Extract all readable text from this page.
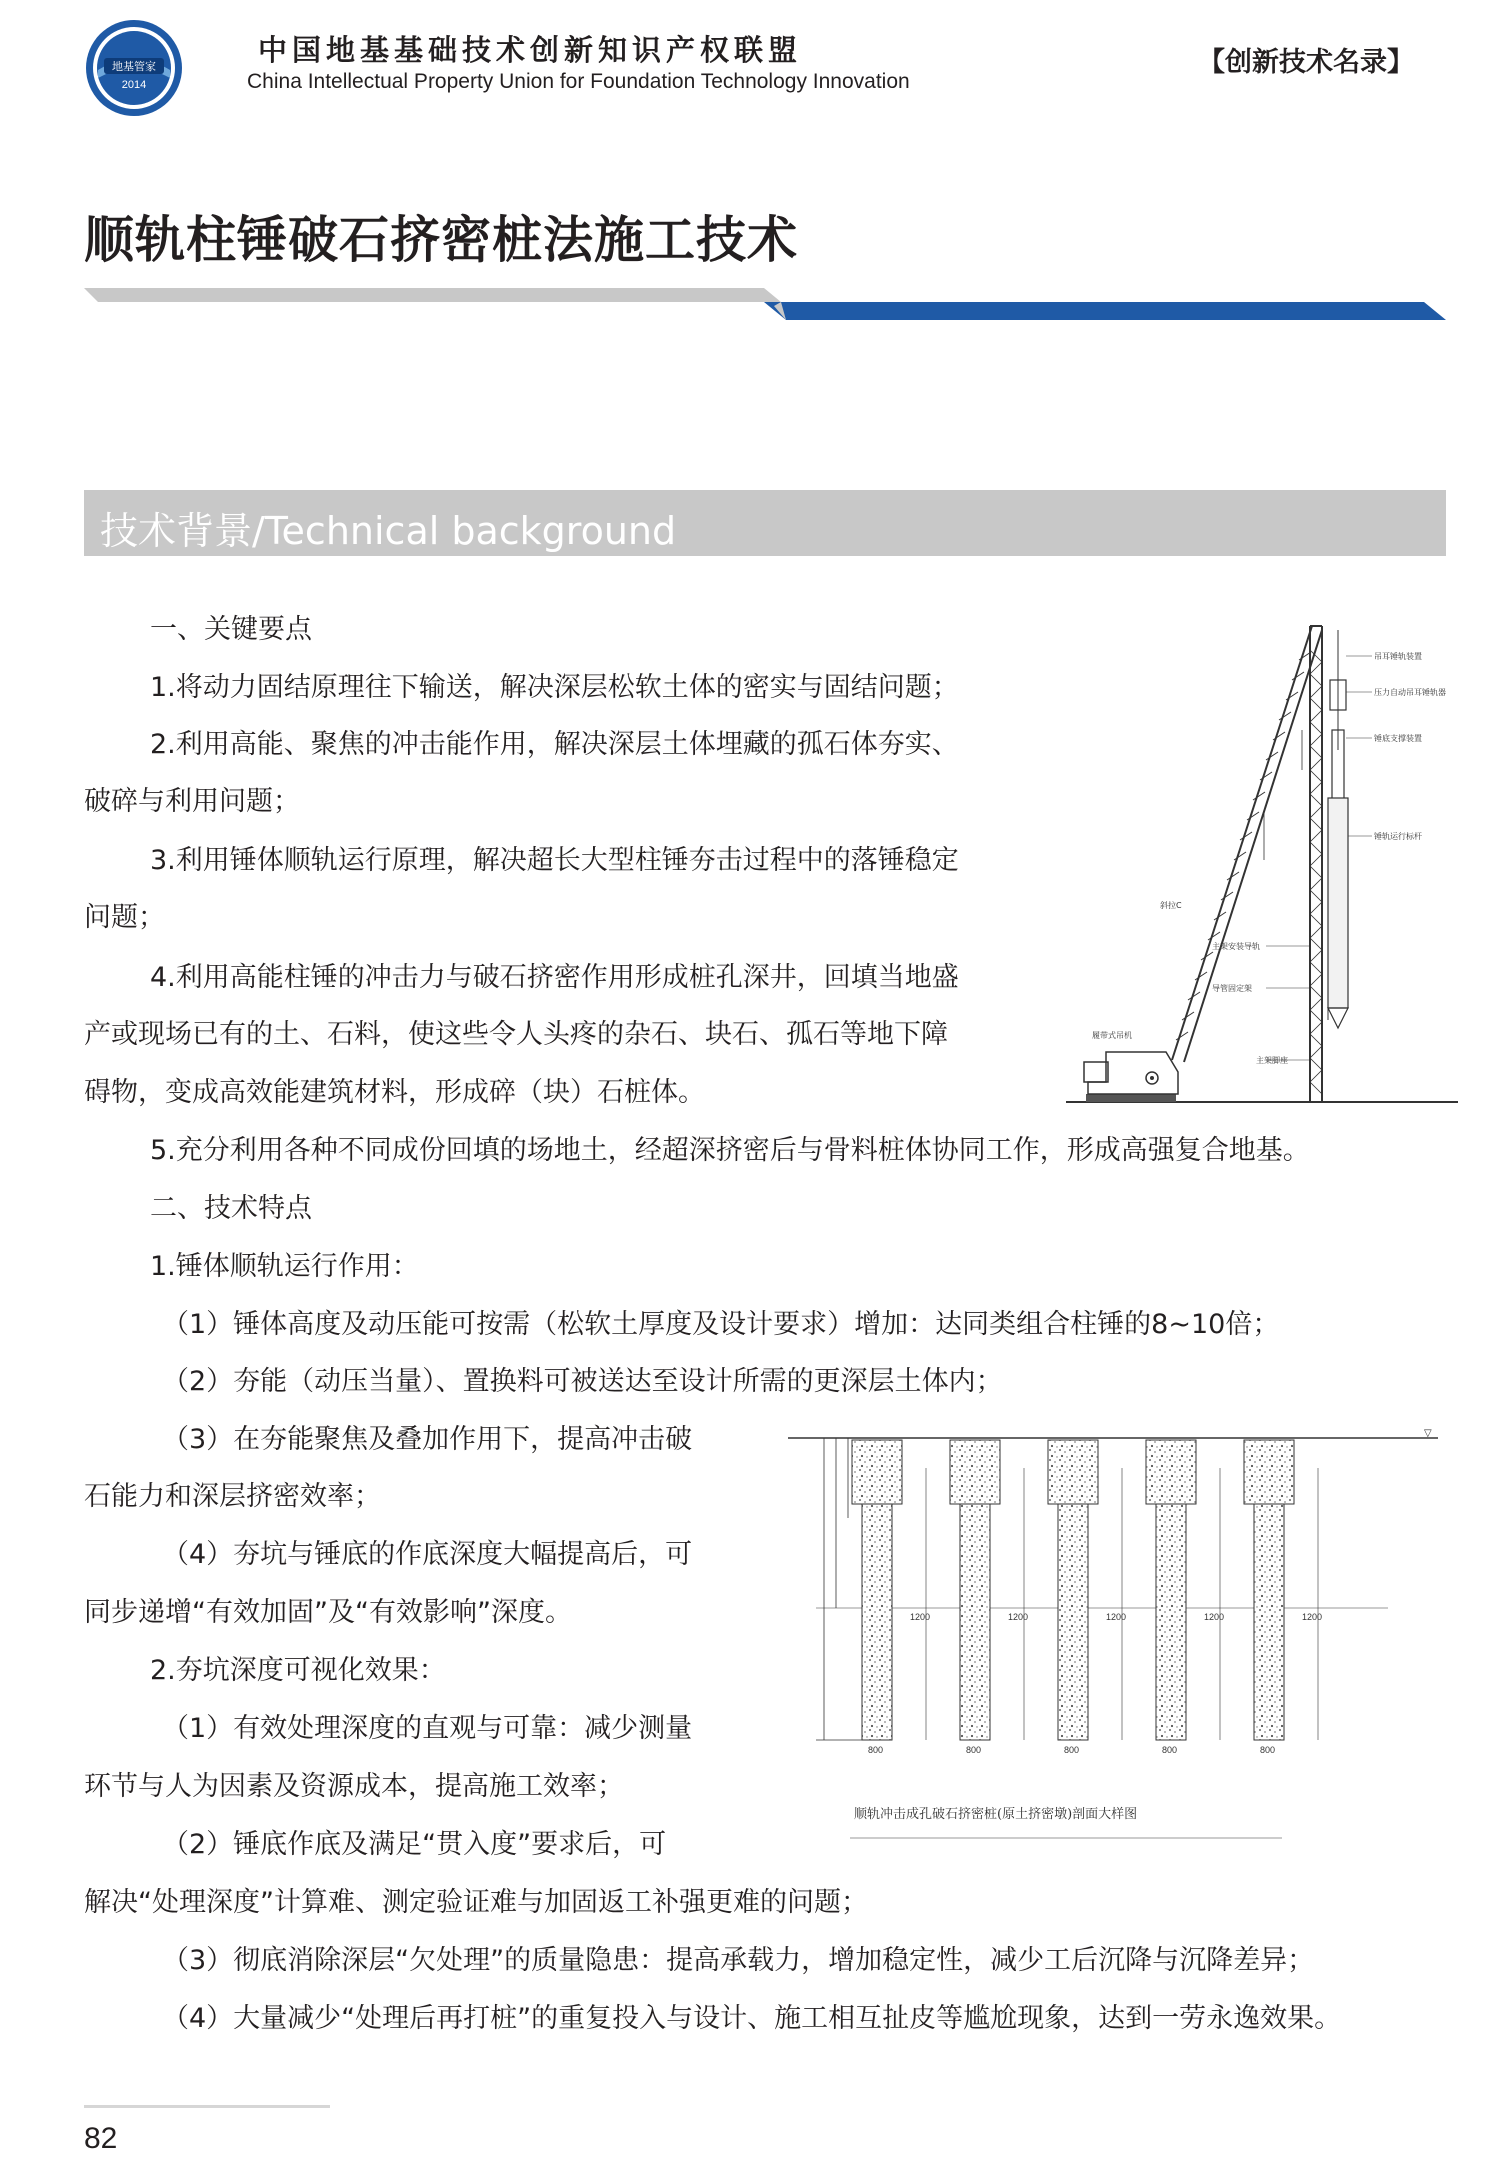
地基管家
2014
中国地基基础技术创新知识产权联盟
China Intellectual Property Union for Foundation Technology Innovation
【创新技术名录】
顺轨柱锤破石挤密桩法施工技术
技术背景/Technical background
一、关键要点
1.将动力固结原理往下输送，解决深层松软土体的密实与固结问题；
2.利用高能、聚焦的冲击能作用，解决深层土体埋藏的孤石体夯实、
破碎与利用问题；
3.利用锤体顺轨运行原理，解决超长大型柱锤夯击过程中的落锤稳定
问题；
4.利用高能柱锤的冲击力与破石挤密作用形成桩孔深井，回填当地盛
产或现场已有的土、石料，使这些令人头疼的杂石、块石、孤石等地下障
碍物，变成高效能建筑材料，形成碎（块）石桩体。
5.充分利用各种不同成份回填的场地土，经超深挤密后与骨料桩体协同工作，形成高强复合地基。
二、技术特点
1.锤体顺轨运行作用：
（1）锤体高度及动压能可按需（松软土厚度及设计要求）增加：达同类组合柱锤的8~10倍；
（2）夯能（动压当量）、置换料可被送达至设计所需的更深层土体内；
（3）在夯能聚焦及叠加作用下，提高冲击破
石能力和深层挤密效率；
（4）夯坑与锤底的作底深度大幅提高后，可
同步递增“有效加固”及“有效影响”深度。
2.夯坑深度可视化效果：
（1）有效处理深度的直观与可靠：减少测量
环节与人为因素及资源成本，提高施工效率；
（2）锤底作底及满足“贯入度”要求后，可
解决“处理深度”计算难、测定验证难与加固返工补强更难的问题；
（3）彻底消除深层“欠处理”的质量隐患：提高承载力，增加稳定性，减少工后沉降与沉降差异；
（4）大量减少“处理后再打桩”的重复投入与设计、施工相互扯皮等尴尬现象，达到一劳永逸效果。
吊耳锤轨装置
压力自动吊耳锤轨器
锤底支撑装置
锤轨运行标杆
主架安装导轨
导管固定架
履带式吊机
主架脚座
斜拉C
▽
1200	1200	1200	1200	1200
800	800	800	800	800
顺轨冲击成孔破石挤密桩(原土挤密墩)剖面大样图
82
